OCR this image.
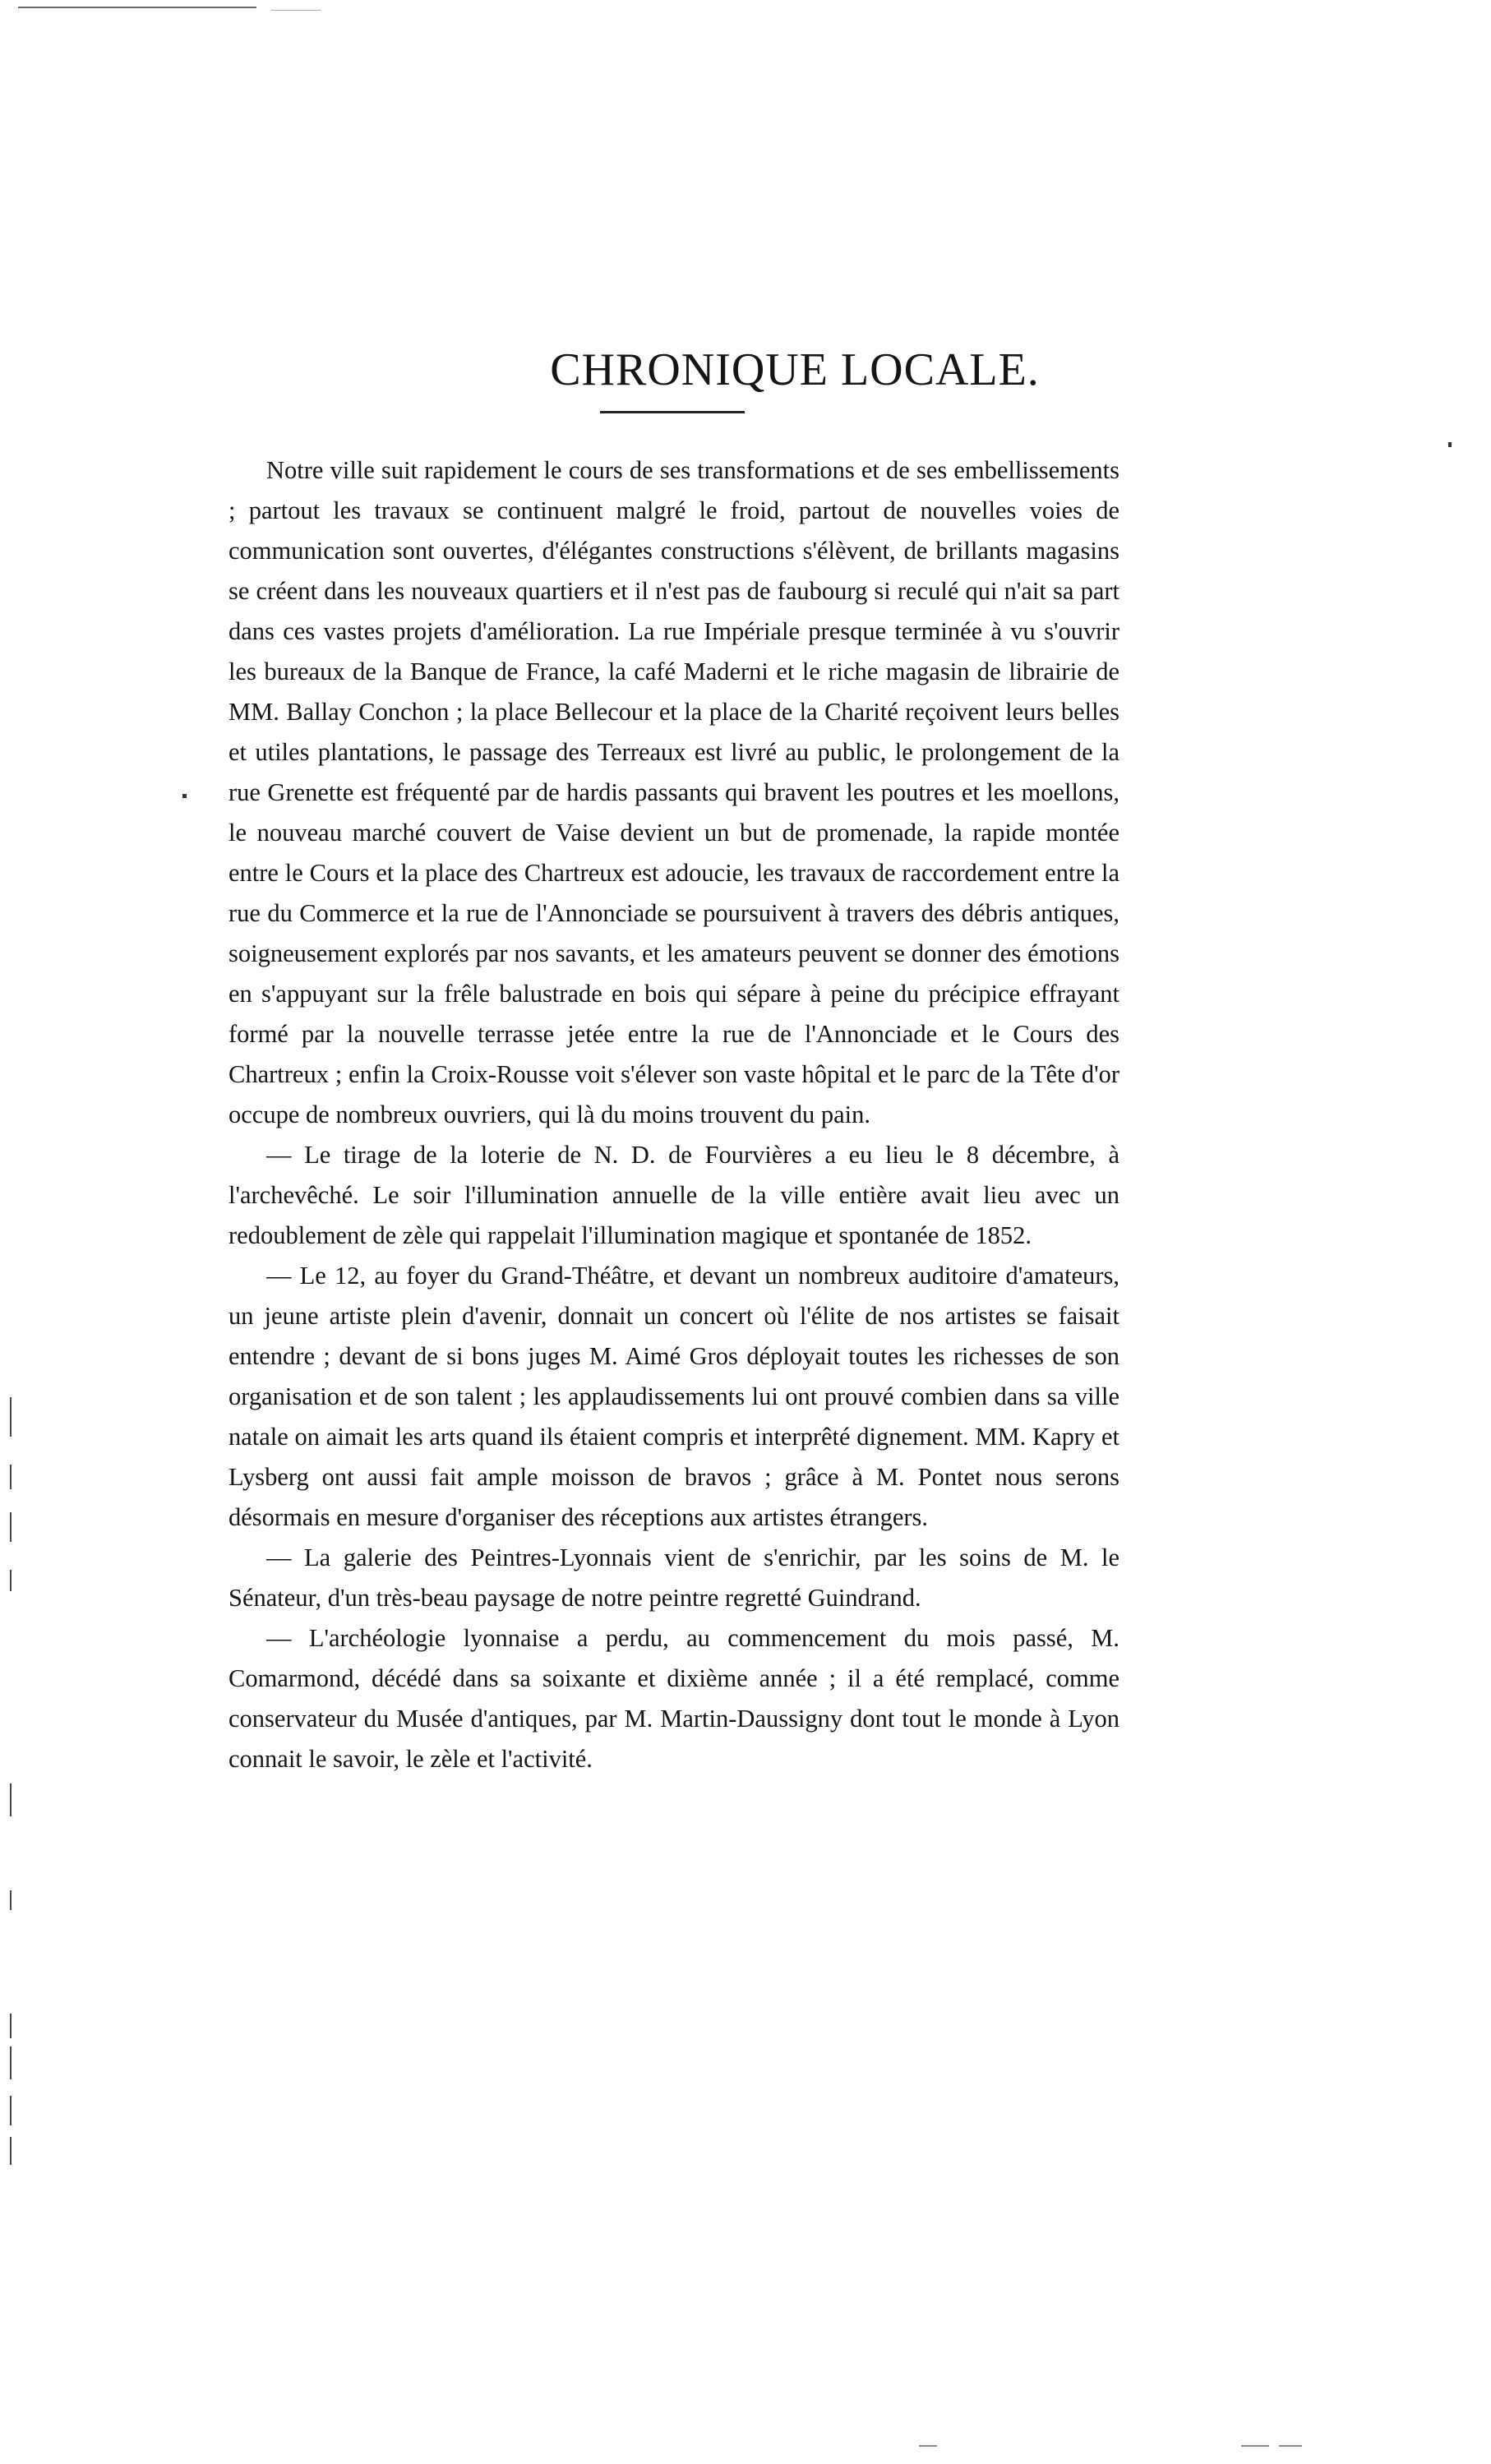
CHRONIQUE LOCALE.

Notre ville suit rapidement le cours de ses transformations et de ses embellissements ; partout les travaux se continuent malgré le froid, partout de nouvelles voies de communication sont ouvertes, d'élégantes constructions s'élèvent, de brillants magasins se créent dans les nouveaux quartiers et il n'est pas de faubourg si reculé qui n'ait sa part dans ces vastes projets d'amélioration. La rue Impériale presque terminée à vu s'ouvrir les bureaux de la Banque de France, la café Maderni et le riche magasin de librairie de MM. Ballay Conchon ; la place Bellecour et la place de la Charité reçoivent leurs belles et utiles plantations, le passage des Terreaux est livré au public, le prolongement de la rue Grenette est fréquenté par de hardis passants qui bravent les poutres et les moellons, le nouveau marché couvert de Vaise devient un but de promenade, la rapide montée entre le Cours et la place des Chartreux est adoucie, les travaux de raccordement entre la rue du Commerce et la rue de l'Annonciade se poursuivent à travers des débris antiques, soigneusement explorés par nos savants, et les amateurs peuvent se donner des émotions en s'appuyant sur la frêle balustrade en bois qui sépare à peine du précipice effrayant formé par la nouvelle terrasse jetée entre la rue de l'Annonciade et le Cours des Chartreux ; enfin la Croix-Rousse voit s'élever son vaste hôpital et le parc de la Tête d'or occupe de nombreux ouvriers, qui là du moins trouvent du pain.

— Le tirage de la loterie de N. D. de Fourvières a eu lieu le 8 décembre, à l'archevêché. Le soir l'illumination annuelle de la ville entière avait lieu avec un redoublement de zèle qui rappelait l'illumination magique et spontanée de 1852.

— Le 12, au foyer du Grand-Théâtre, et devant un nombreux auditoire d'amateurs, un jeune artiste plein d'avenir, donnait un concert où l'élite de nos artistes se faisait entendre ; devant de si bons juges M. Aimé Gros déployait toutes les richesses de son organisation et de son talent ; les applaudissements lui ont prouvé combien dans sa ville natale on aimait les arts quand ils étaient compris et interprêté dignement. MM. Kapry et Lysberg ont aussi fait ample moisson de bravos ; grâce à M. Pontet nous serons désormais en mesure d'organiser des réceptions aux artistes étrangers.

— La galerie des Peintres-Lyonnais vient de s'enrichir, par les soins de M. le Sénateur, d'un très-beau paysage de notre peintre regretté Guindrand.

— L'archéologie lyonnaise a perdu, au commencement du mois passé, M. Comarmond, décédé dans sa soixante et dixième année ; il a été remplacé, comme conservateur du Musée d'antiques, par M. Martin-Daussigny dont tout le monde à Lyon connait le savoir, le zèle et l'activité.
